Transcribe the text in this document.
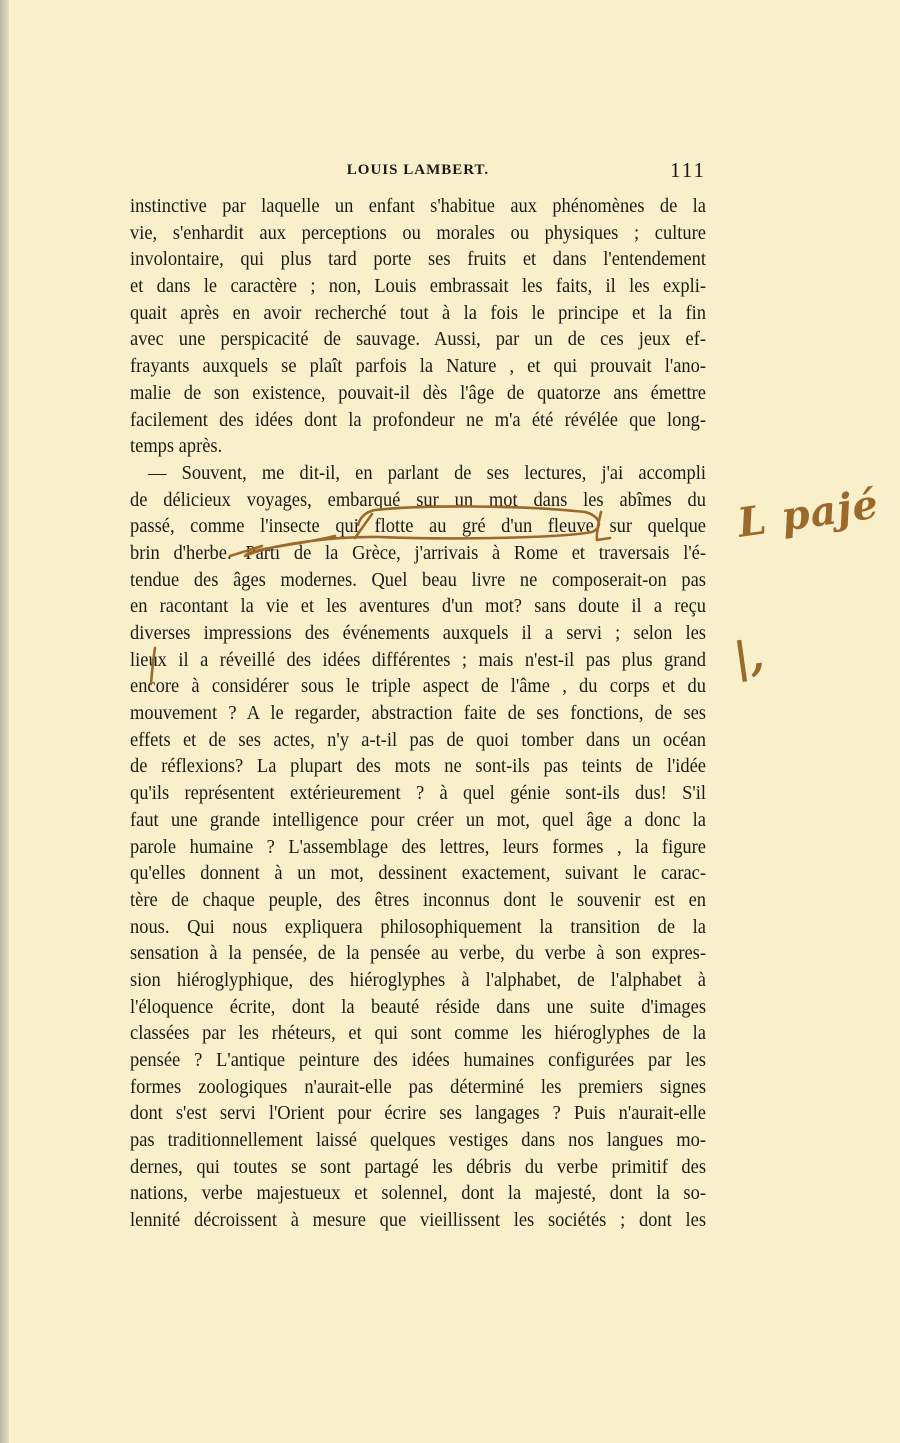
LOUIS LAMBERT.	111
instinctive par laquelle un enfant s'habitue aux phénomènes de la
vie, s'enhardit aux perceptions ou morales ou physiques ; culture
involontaire, qui plus tard porte ses fruits et dans l'entendement
et dans le caractère ; non, Louis embrassait les faits, il les expli-
quait après en avoir recherché tout à la fois le principe et la fin
avec une perspicacité de sauvage. Aussi, par un de ces jeux ef-
frayants auxquels se plaît parfois la Nature , et qui prouvait l'ano-
malie de son existence, pouvait-il dès l'âge de quatorze ans émettre
facilement des idées dont la profondeur ne m'a été révélée que long-
temps après.
— Souvent, me dit-il, en parlant de ses lectures, j'ai accompli
de délicieux voyages, embarqué sur un mot dans les abîmes du
passé, comme l'insecte qui flotte au gré d'un fleuve sur quelque
brin d'herbe. Parti de la Grèce, j'arrivais à Rome et traversais l'é-
tendue des âges modernes. Quel beau livre ne composerait-on pas
en racontant la vie et les aventures d'un mot? sans doute il a reçu
diverses impressions des événements auxquels il a servi ; selon les
lieux il a réveillé des idées différentes ; mais n'est-il pas plus grand
encore à considérer sous le triple aspect de l'âme , du corps et du
mouvement ? A le regarder, abstraction faite de ses fonctions, de ses
effets et de ses actes, n'y a-t-il pas de quoi tomber dans un océan
de réflexions? La plupart des mots ne sont-ils pas teints de l'idée
qu'ils représentent extérieurement ? à quel génie sont-ils dus! S'il
faut une grande intelligence pour créer un mot, quel âge a donc la
parole humaine ? L'assemblage des lettres, leurs formes , la figure
qu'elles donnent à un mot, dessinent exactement, suivant le carac-
tère de chaque peuple, des êtres inconnus dont le souvenir est en
nous. Qui nous expliquera philosophiquement la transition de la
sensation à la pensée, de la pensée au verbe, du verbe à son expres-
sion hiéroglyphique, des hiéroglyphes à l'alphabet, de l'alphabet à
l'éloquence écrite, dont la beauté réside dans une suite d'images
classées par les rhéteurs, et qui sont comme les hiéroglyphes de la
pensée ? L'antique peinture des idées humaines configurées par les
formes zoologiques n'aurait-elle pas déterminé les premiers signes
dont s'est servi l'Orient pour écrire ses langages ? Puis n'aurait-elle
pas traditionnellement laissé quelques vestiges dans nos langues mo-
dernes, qui toutes se sont partagé les débris du verbe primitif des
nations, verbe majestueux et solennel, dont la majesté, dont la so-
lennité décroissent à mesure que vieillissent les sociétés ; dont les
L pajé
|,
